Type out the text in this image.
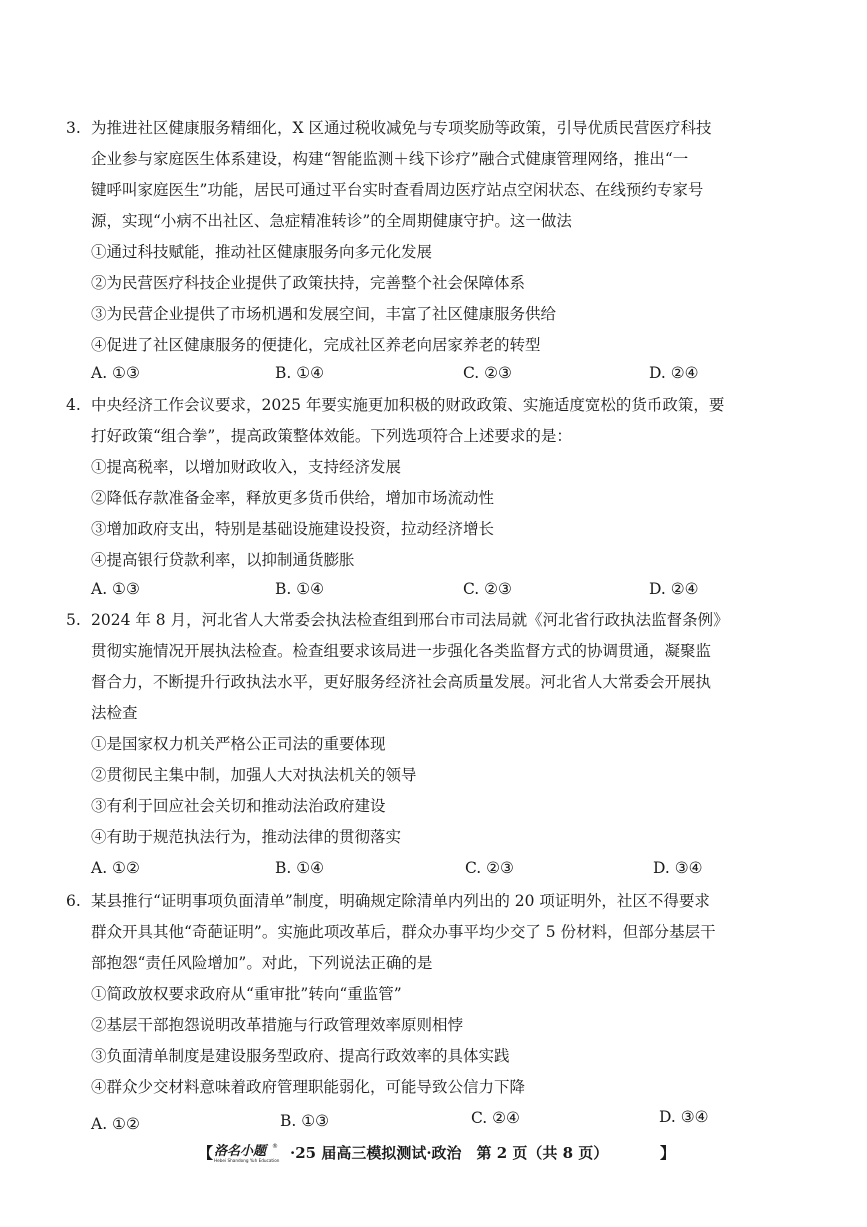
3. 为推进社区健康服务精细化，X 区通过税收减免与专项奖励等政策，引导优质民营医疗科技
企业参与家庭医生体系建设，构建“智能监测＋线下诊疗”融合式健康管理网络，推出“一
键呼叫家庭医生”功能，居民可通过平台实时查看周边医疗站点空闲状态、在线预约专家号
源，实现“小病不出社区、急症精准转诊”的全周期健康守护。这一做法
①通过科技赋能，推动社区健康服务向多元化发展
②为民营医疗科技企业提供了政策扶持，完善整个社会保障体系
③为民营企业提供了市场机遇和发展空间，丰富了社区健康服务供给
④促进了社区健康服务的便捷化，完成社区养老向居家养老的转型
A. ①③	B. ①④	C. ②③	D. ②④
4. 中央经济工作会议要求，2025 年要实施更加积极的财政政策、实施适度宽松的货币政策，要
打好政策“组合拳”，提高政策整体效能。下列选项符合上述要求的是：
①提高税率，以增加财政收入，支持经济发展
②降低存款准备金率，释放更多货币供给，增加市场流动性
③增加政府支出，特别是基础设施建设投资，拉动经济增长
④提高银行贷款利率，以抑制通货膨胀
A. ①③	B. ①④	C. ②③	D. ②④
5. 2024 年 8 月，河北省人大常委会执法检查组到邢台市司法局就《河北省行政执法监督条例》
贯彻实施情况开展执法检查。检查组要求该局进一步强化各类监督方式的协调贯通，凝聚监
督合力，不断提升行政执法水平，更好服务经济社会高质量发展。河北省人大常委会开展执
法检查
①是国家权力机关严格公正司法的重要体现
②贯彻民主集中制，加强人大对执法机关的领导
③有利于回应社会关切和推动法治政府建设
④有助于规范执法行为，推动法律的贯彻落实
A. ①②	B. ①④	C. ②③	D. ③④
6. 某县推行“证明事项负面清单”制度，明确规定除清单内列出的 20 项证明外，社区不得要求
群众开具其他“奇葩证明”。实施此项改革后，群众办事平均少交了 5 份材料，但部分基层干
部抱怨“责任风险增加”。对此，下列说法正确的是
①简政放权要求政府从“重审批”转向“重监管”
②基层干部抱怨说明改革措施与行政管理效率原则相悖
③负面清单制度是建设服务型政府、提高行政效率的具体实践
④群众少交材料意味着政府管理职能弱化，可能导致公信力下降
A. ①②	B. ①③	C. ②④	D. ③④
【 洛名小题 ®
Hebei Shandong Yuh Education ·25 届高三模拟测试·政治　第 2 页（共 8 页）	】
